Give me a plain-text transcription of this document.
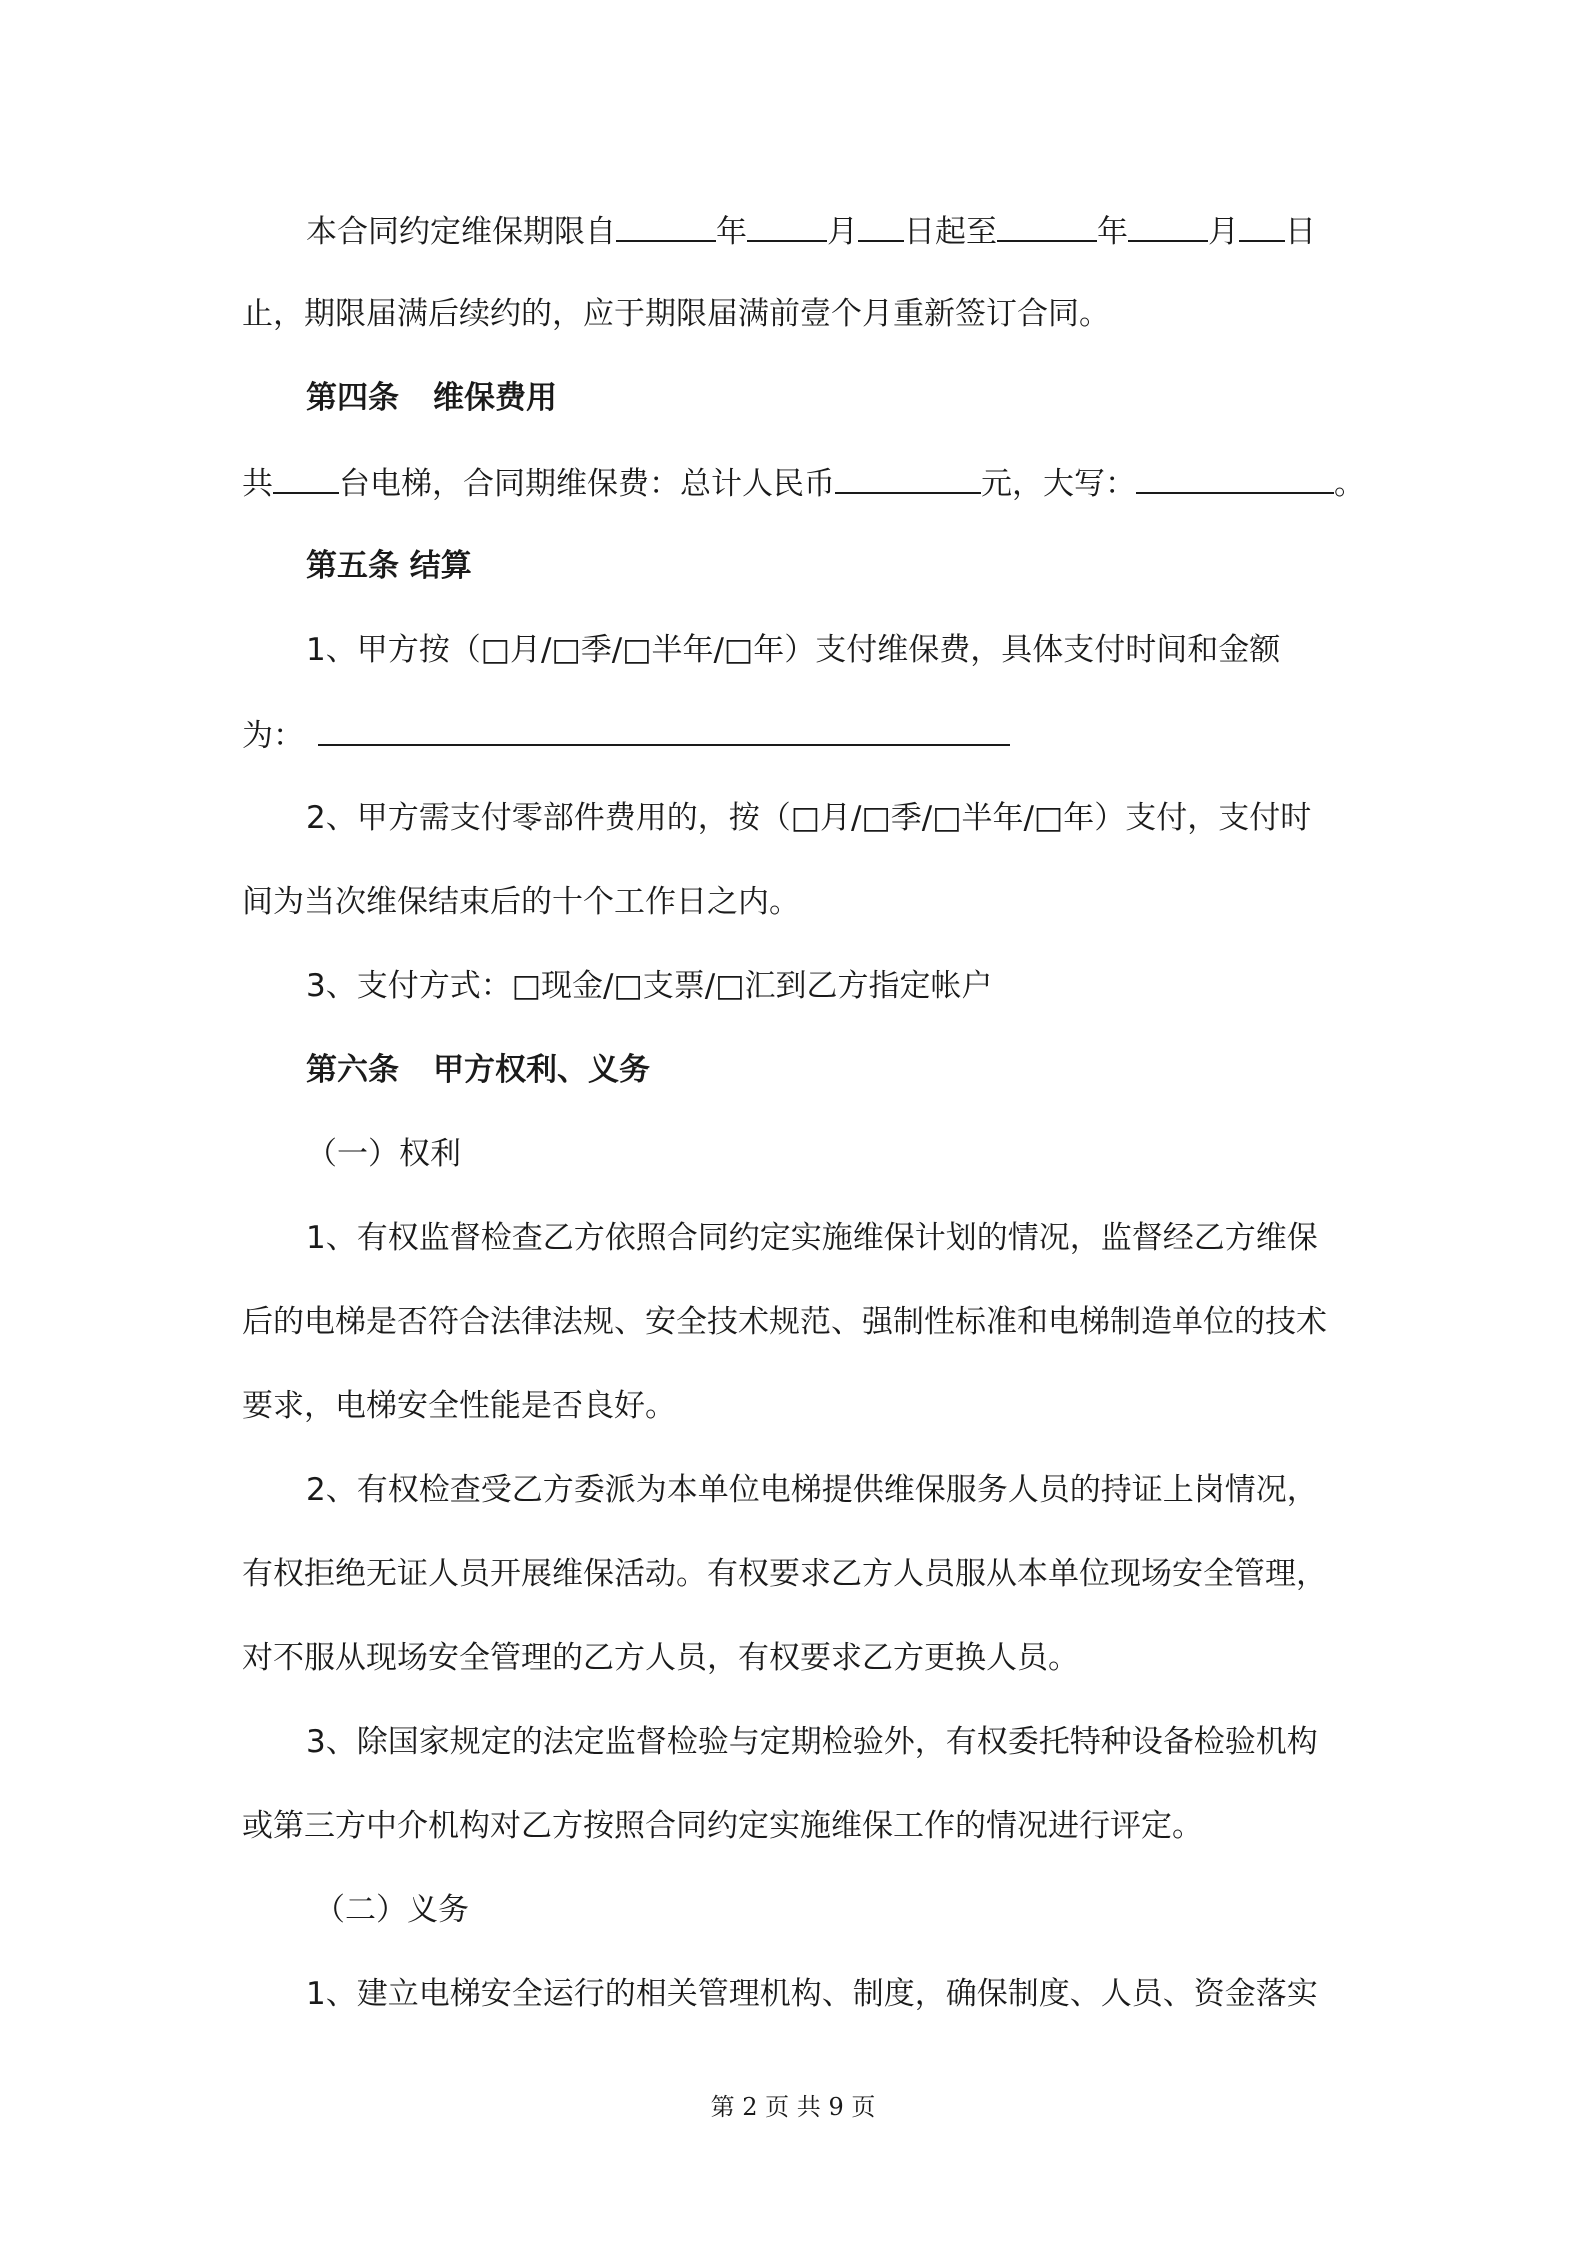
本合同约定维保期限自	年	月 日起至	年	月 日
止，期限届满后续约的，应于期限届满前壹个月重新签订合同。
第四条 维保费用
共 台电梯，合同期维保费：总计人民币	元，大写：	。
第五条 结算
1、甲方按（□月/□季/□半年/□年）支付维保费，具体支付时间和金额
为：
2、甲方需支付零部件费用的，按（□月/□季/□半年/□年）支付，支付时
间为当次维保结束后的十个工作日之内。
3、支付方式：□现金/□支票/□汇到乙方指定帐户
第六条 甲方权利、义务
（一）权利
1、有权监督检查乙方依照合同约定实施维保计划的情况，监督经乙方维保
后的电梯是否符合法律法规、安全技术规范、强制性标准和电梯制造单位的技术
要求，电梯安全性能是否良好。
2、有权检查受乙方委派为本单位电梯提供维保服务人员的持证上岗情况，
有权拒绝无证人员开展维保活动。有权要求乙方人员服从本单位现场安全管理，
对不服从现场安全管理的乙方人员，有权要求乙方更换人员。
3、除国家规定的法定监督检验与定期检验外，有权委托特种设备检验机构
或第三方中介机构对乙方按照合同约定实施维保工作的情况进行评定。
（二）义务
1、建立电梯安全运行的相关管理机构、制度，确保制度、人员、资金落实
第 2 页 共 9 页
